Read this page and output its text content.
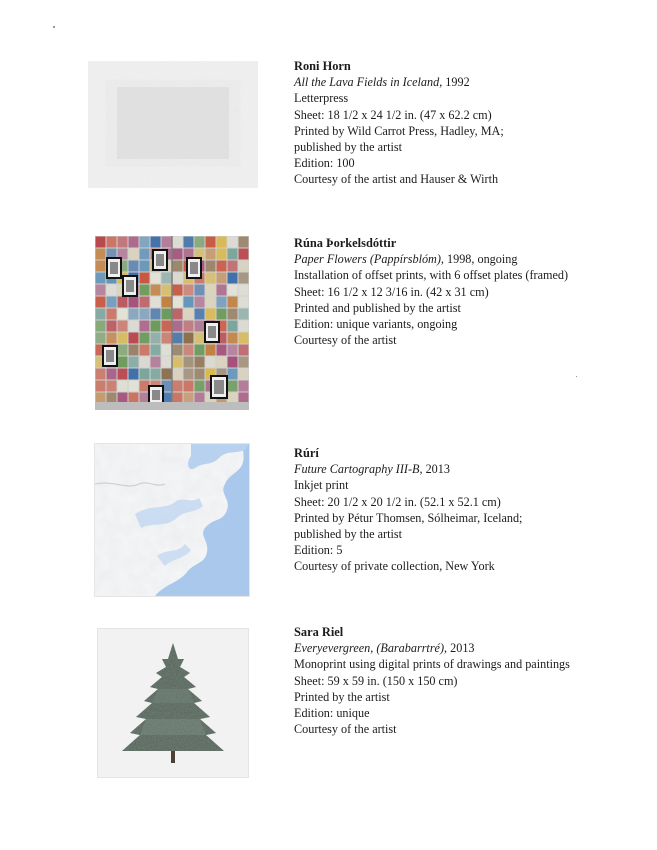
Roni Horn
All the Lava Fields in Iceland, 1992
Letterpress
Sheet: 18 1/2 x 24 1/2 in. (47 x 62.2 cm)
Printed by Wild Carrot Press, Hadley, MA;
published by the artist
Edition: 100
Courtesy of the artist and Hauser & Wirth
Rúna Þorkelsdóttir
Paper Flowers (Pappírsblóm), 1998, ongoing
Installation of offset prints, with 6 offset plates (framed)
Sheet: 16 1/2 x 12 3/16 in. (42 x 31 cm)
Printed and published by the artist
Edition: unique variants, ongoing
Courtesy of the artist
Rúrí
Future Cartography III-B, 2013
Inkjet print
Sheet: 20 1/2 x 20 1/2 in. (52.1 x 52.1 cm)
Printed by Pétur Thomsen, Sólheimar, Iceland;
published by the artist
Edition: 5
Courtesy of private collection, New York
Sara Riel
Everyevergreen, (Barabarrtré), 2013
Monoprint using digital prints of drawings and paintings
Sheet: 59 x 59 in. (150 x 150 cm)
Printed by the artist
Edition: unique
Courtesy of the artist
